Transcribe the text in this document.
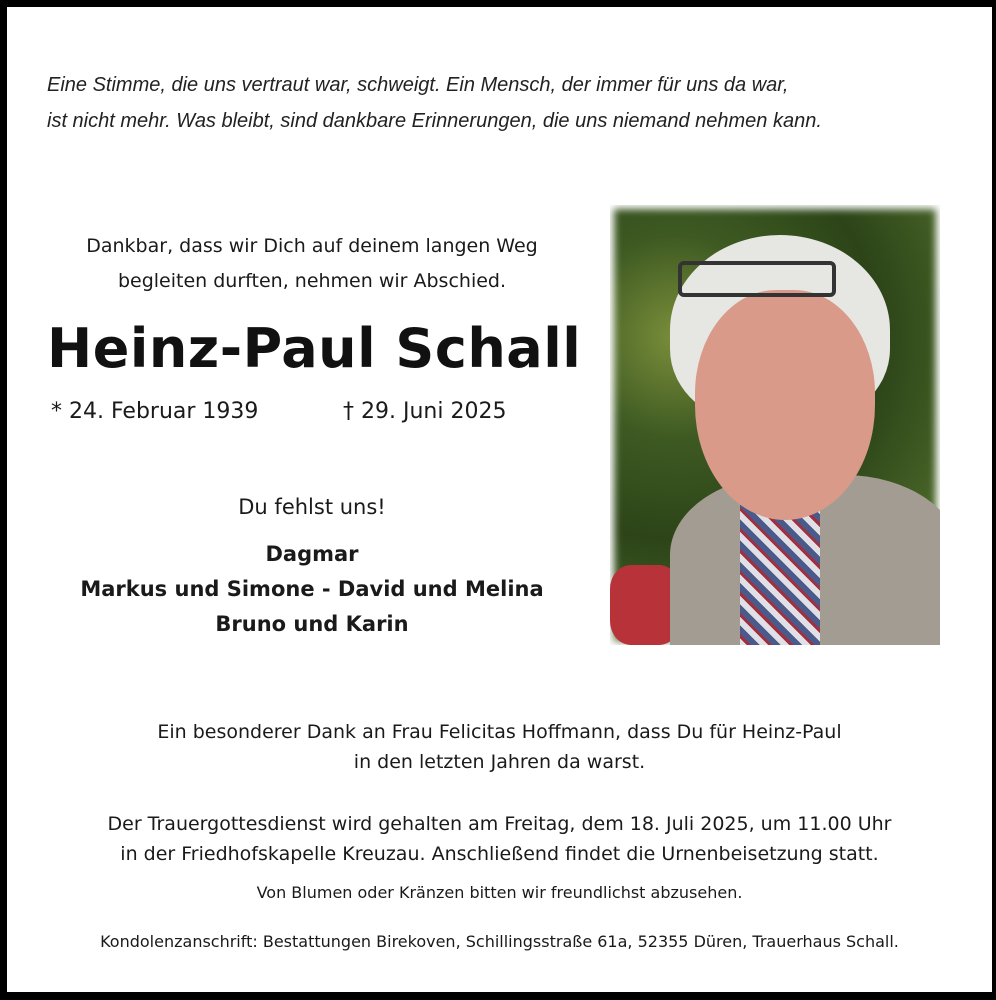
Eine Stimme, die uns vertraut war, schweigt. Ein Mensch, der immer für uns da war,
ist nicht mehr. Was bleibt, sind dankbare Erinnerungen, die uns niemand nehmen kann.
Dankbar, dass wir Dich auf deinem langen Weg
begleiten durften, nehmen wir Abschied.
Heinz-Paul Schall
* 24. Februar 1939	† 29. Juni 2025
Du fehlst uns!
Dagmar
Markus und Simone - David und Melina
Bruno und Karin
Ein besonderer Dank an Frau Felicitas Hoffmann, dass Du für Heinz-Paul
in den letzten Jahren da warst.
Der Trauergottesdienst wird gehalten am Freitag, dem 18. Juli 2025, um 11.00 Uhr
in der Friedhofskapelle Kreuzau. Anschließend findet die Urnenbeisetzung statt.
Von Blumen oder Kränzen bitten wir freundlichst abzusehen.
Kondolenzanschrift: Bestattungen Birekoven, Schillingsstraße 61a, 52355 Düren, Trauerhaus Schall.
